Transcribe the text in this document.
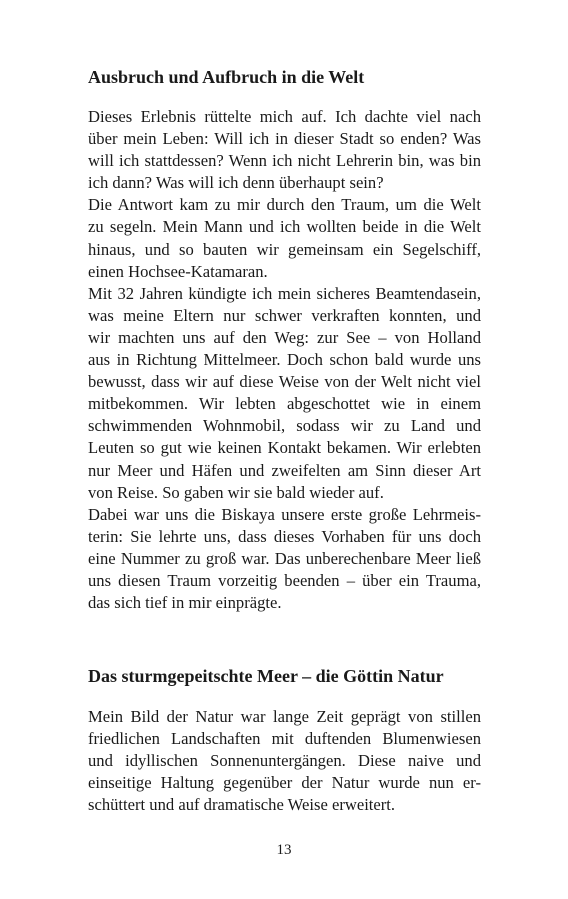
Ausbruch und Aufbruch in die Welt
Dieses Erlebnis rüttelte mich auf. Ich dachte viel nach
über mein Leben: Will ich in dieser Stadt so enden? Was
will ich stattdessen? Wenn ich nicht Lehrerin bin, was bin
ich dann? Was will ich denn überhaupt sein?
Die Antwort kam zu mir durch den Traum, um die Welt
zu segeln. Mein Mann und ich wollten beide in die Welt
hinaus, und so bauten wir gemeinsam ein Segelschiff,
einen Hochsee-Katamaran.
Mit 32 Jahren kündigte ich mein sicheres Beamtendasein,
was meine Eltern nur schwer verkraften konnten, und
wir machten uns auf den Weg: zur See – von Holland
aus in Richtung Mittelmeer. Doch schon bald wurde uns
bewusst, dass wir auf diese Weise von der Welt nicht viel
mitbekommen. Wir lebten abgeschottet wie in einem
schwimmenden Wohnmobil, sodass wir zu Land und
Leuten so gut wie keinen Kontakt bekamen. Wir erlebten
nur Meer und Häfen und zweifelten am Sinn dieser Art
von Reise. So gaben wir sie bald wieder auf.
Dabei war uns die Biskaya unsere erste große Lehrmeis-
terin: Sie lehrte uns, dass dieses Vorhaben für uns doch
eine Nummer zu groß war. Das unberechenbare Meer ließ
uns diesen Traum vorzeitig beenden – über ein Trauma,
das sich tief in mir einprägte.
Das sturmgepeitschte Meer – die Göttin Natur
Mein Bild der Natur war lange Zeit geprägt von stillen
friedlichen Landschaften mit duftenden Blumenwiesen
und idyllischen Sonnenuntergängen. Diese naive und
einseitige Haltung gegenüber der Natur wurde nun er-
schüttert und auf dramatische Weise erweitert.
13
